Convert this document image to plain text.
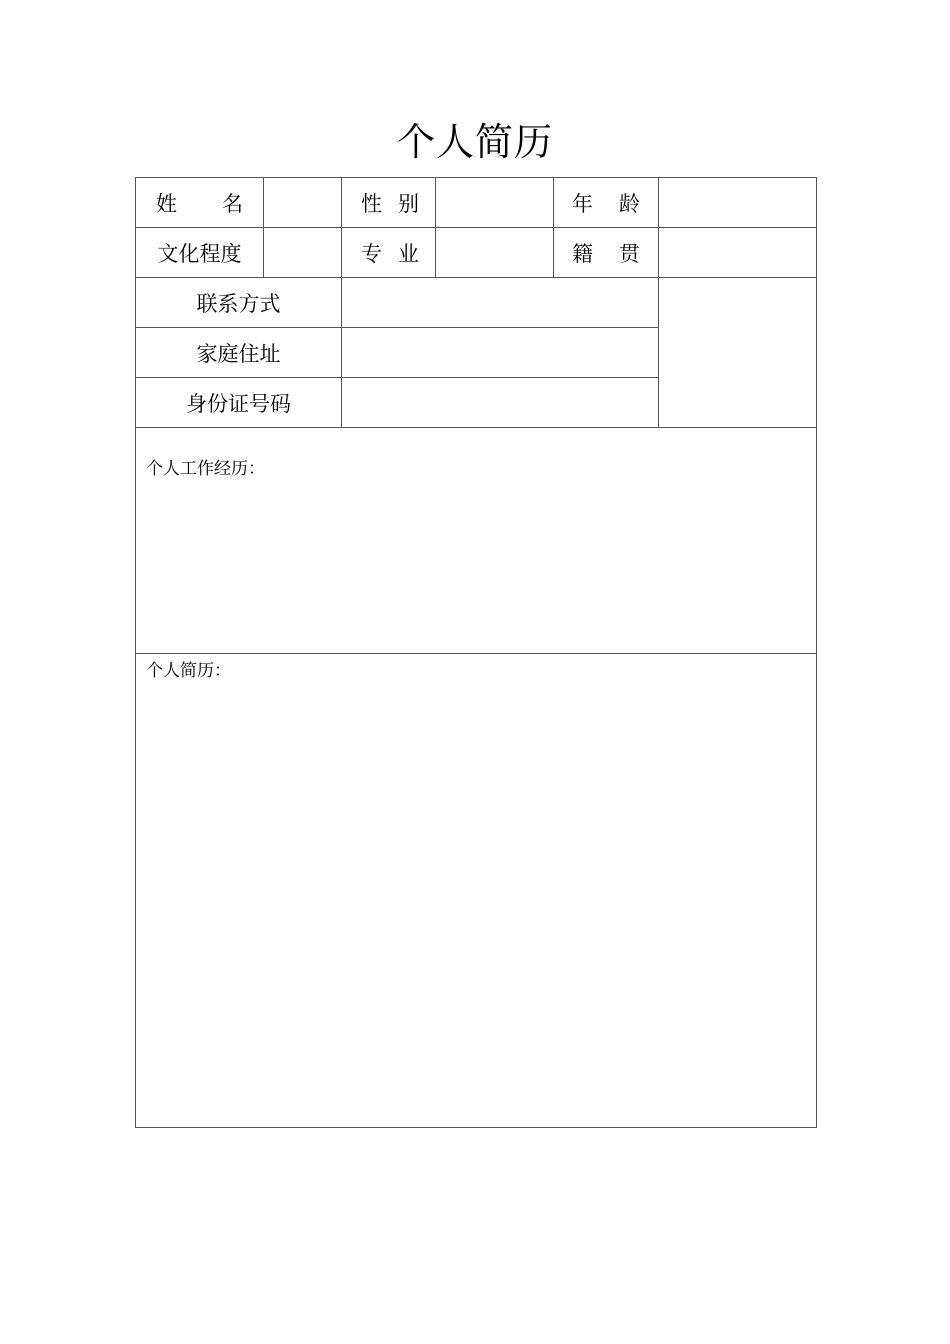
个人简历
姓名		性别		年龄	
文化程度		专业		籍贯	
联系方式					
家庭住址					
身份证号码					
个人工作经历：					
个人简历：					
